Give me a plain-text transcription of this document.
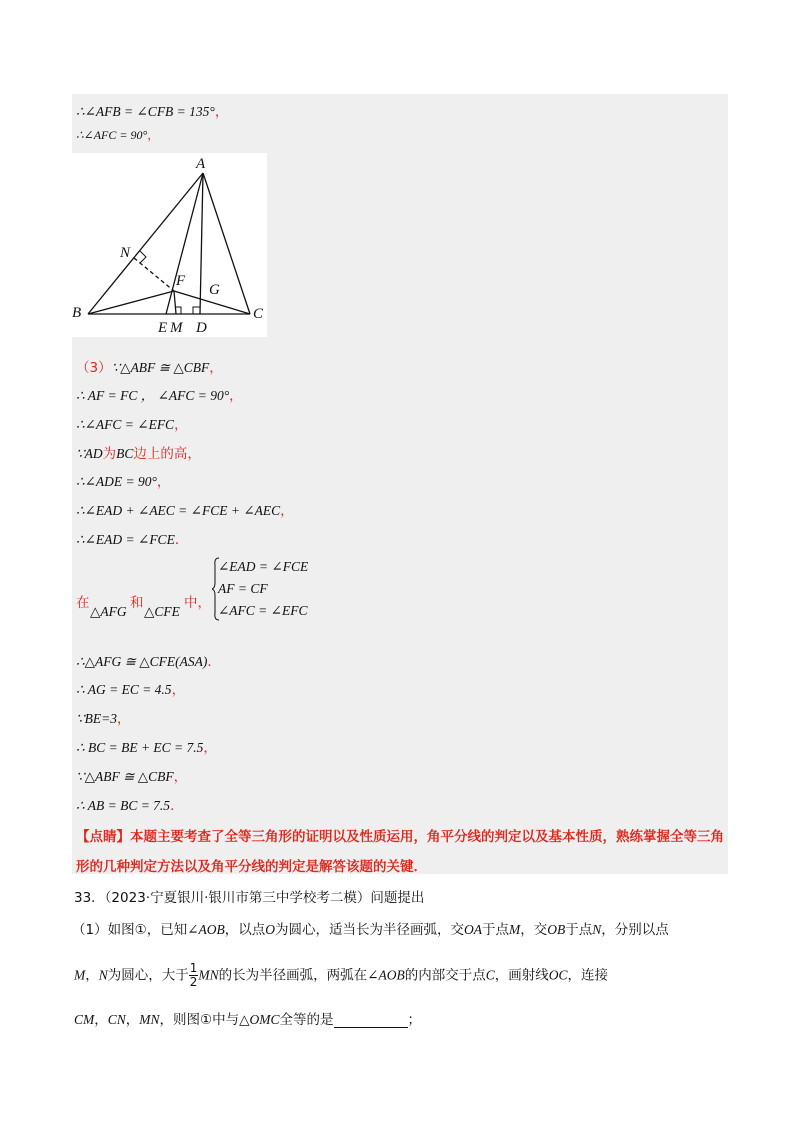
∴∠AFB = ∠CFB = 135°，
∴∠AFC = 90°，
A
B	C
N
F
G
E M D
（3）∵△ABF ≅ △CBF，
∴ AF = FC ， ∠AFC = 90°，
∴∠AFC = ∠EFC，
∵AD为BC边上的高，
∴∠ADE = 90°，
∴∠EAD + ∠AEC = ∠FCE + ∠AEC，
∴∠EAD = ∠FCE．
在
△AFG
和
△CFE
中，
∠EAD = ∠FCE
AF = CF
∠AFC = ∠EFC
∴△AFG ≅ △CFE(ASA)．
∴ AG = EC = 4.5，
∵BE=3，
∴ BC = BE + EC = 7.5，
∵△ABF ≅ △CBF，
∴ AB = BC = 7.5．
【点睛】本题主要考查了全等三角形的证明以及性质运用，角平分线的判定以及基本性质，熟练掌握全等三角形的几种判定方法以及角平分线的判定是解答该题的关键．
33．（2023·宁夏银川·银川市第三中学校考二模）问题提出
（1）如图①，已知∠AOB，以点O为圆心，适当长为半径画弧，交OA于点M，交OB于点N，分别以点
M，N为圆心，大于 $\frac{1}{2}$ MN的长为半径画弧，两弧在∠AOB的内部交于点C，画射线OC，连接
CM，CN，MN，则图①中与△OMC全等的是	；
